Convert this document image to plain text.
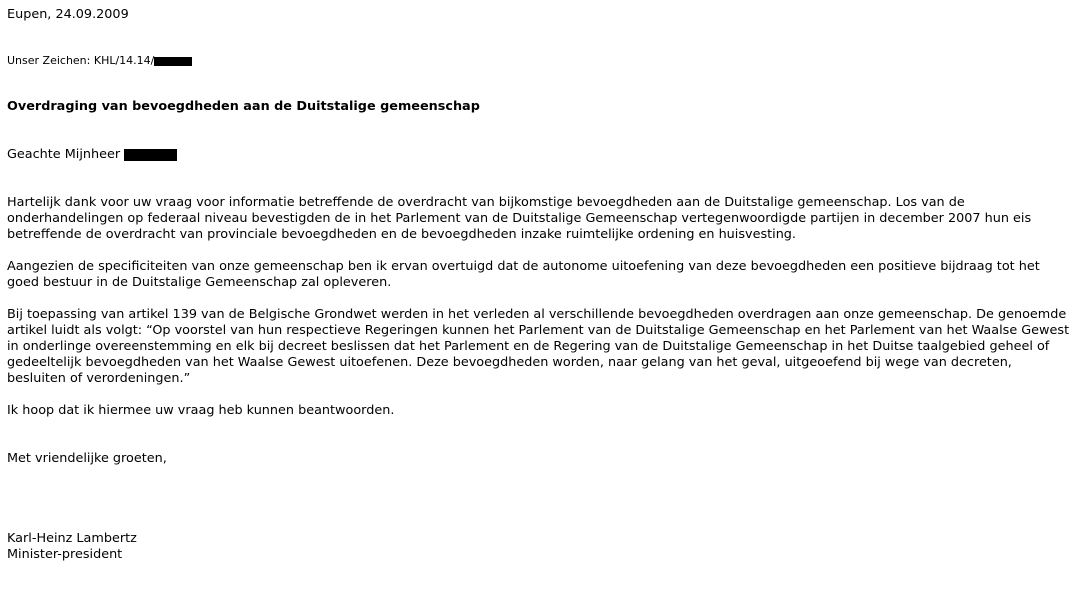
Eupen, 24.09.2009
Unser Zeichen: KHL/14.14/
Overdraging van bevoegdheden aan de Duitstalige gemeenschap
Geachte Mijnheer
Hartelijk dank voor uw vraag voor informatie betreffende de overdracht van bijkomstige bevoegdheden aan de Duitstalige gemeenschap. Los van de onderhandelingen op federaal niveau bevestigden de in het Parlement van de Duitstalige Gemeenschap vertegenwoordigde partijen in december 2007 hun eis betreffende de overdracht van provinciale bevoegdheden en de bevoegdheden inzake ruimtelijke ordening en huisvesting.
Aangezien de specificiteiten van onze gemeenschap ben ik ervan overtuigd dat de autonome uitoefening van deze bevoegdheden een positieve bijdraag tot het goed bestuur in de Duitstalige Gemeenschap zal opleveren.
Bij toepassing van artikel 139 van de Belgische Grondwet werden in het verleden al verschillende bevoegdheden overdragen aan onze gemeenschap. De genoemde artikel luidt als volgt: “Op voorstel van hun respectieve Regeringen kunnen het Parlement van de Duitstalige Gemeenschap en het Parlement van het Waalse Gewest in onderlinge overeenstemming en elk bij decreet beslissen dat het Parlement en de Regering van de Duitstalige Gemeenschap in het Duitse taalgebied geheel of gedeeltelijk bevoegdheden van het Waalse Gewest uitoefenen. Deze bevoegdheden worden, naar gelang van het geval, uitgeoefend bij wege van decreten, besluiten of verordeningen.”
Ik hoop dat ik hiermee uw vraag heb kunnen beantwoorden.
Met vriendelijke groeten,
Karl-Heinz Lambertz
Minister-president
